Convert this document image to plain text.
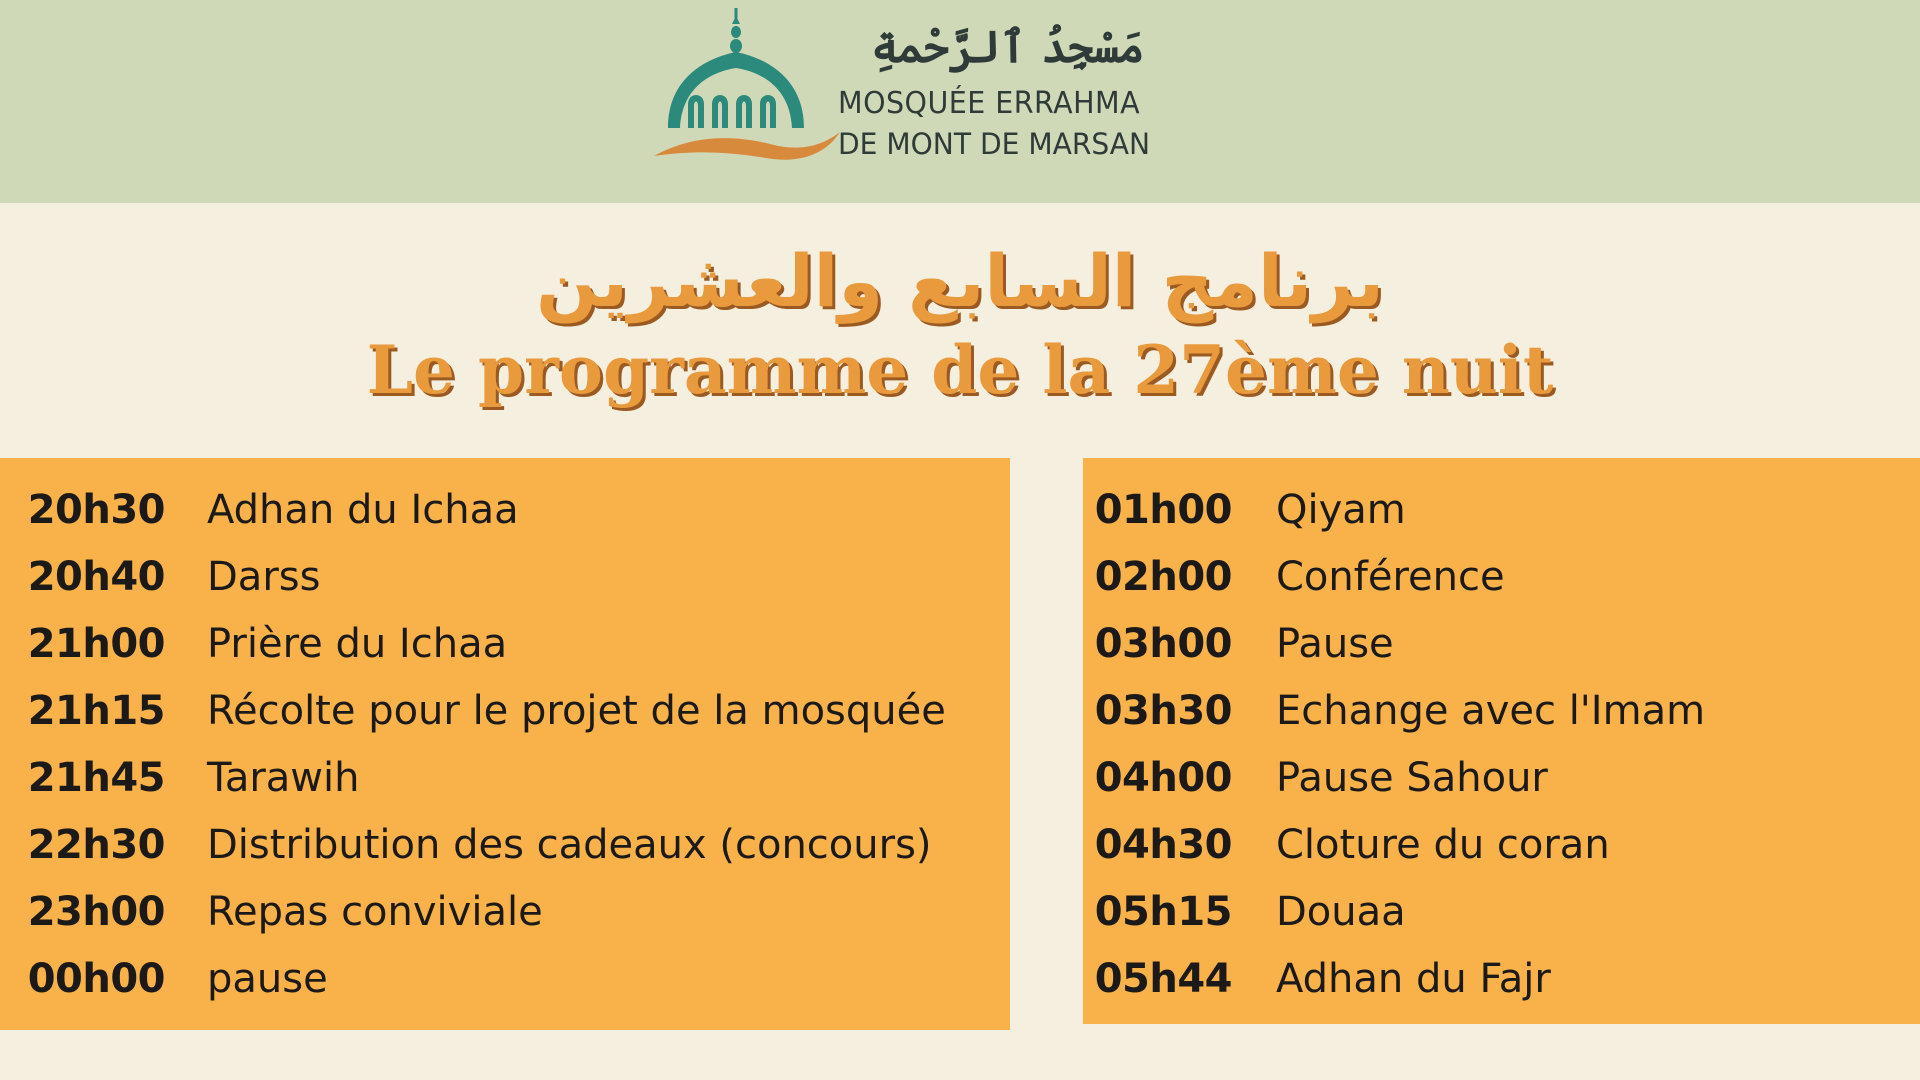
مَسْجِدُ ٱلرَّحْمةِ
MOSQUÉE ERRAHMA
DE MONT DE MARSAN
برنامج السابع والعشرين
Le programme de la 27ème nuit
20h30 Adhan du Ichaa
20h40 Darss
21h00 Prière du Ichaa
21h15 Récolte pour le projet de la mosquée
21h45 Tarawih
22h30 Distribution des cadeaux (concours)
23h00 Repas conviviale
00h00 pause
01h00 Qiyam
02h00 Conférence
03h00 Pause
03h30 Echange avec l'Imam
04h00 Pause Sahour
04h30 Cloture du coran
05h15 Douaa
05h44 Adhan du Fajr
